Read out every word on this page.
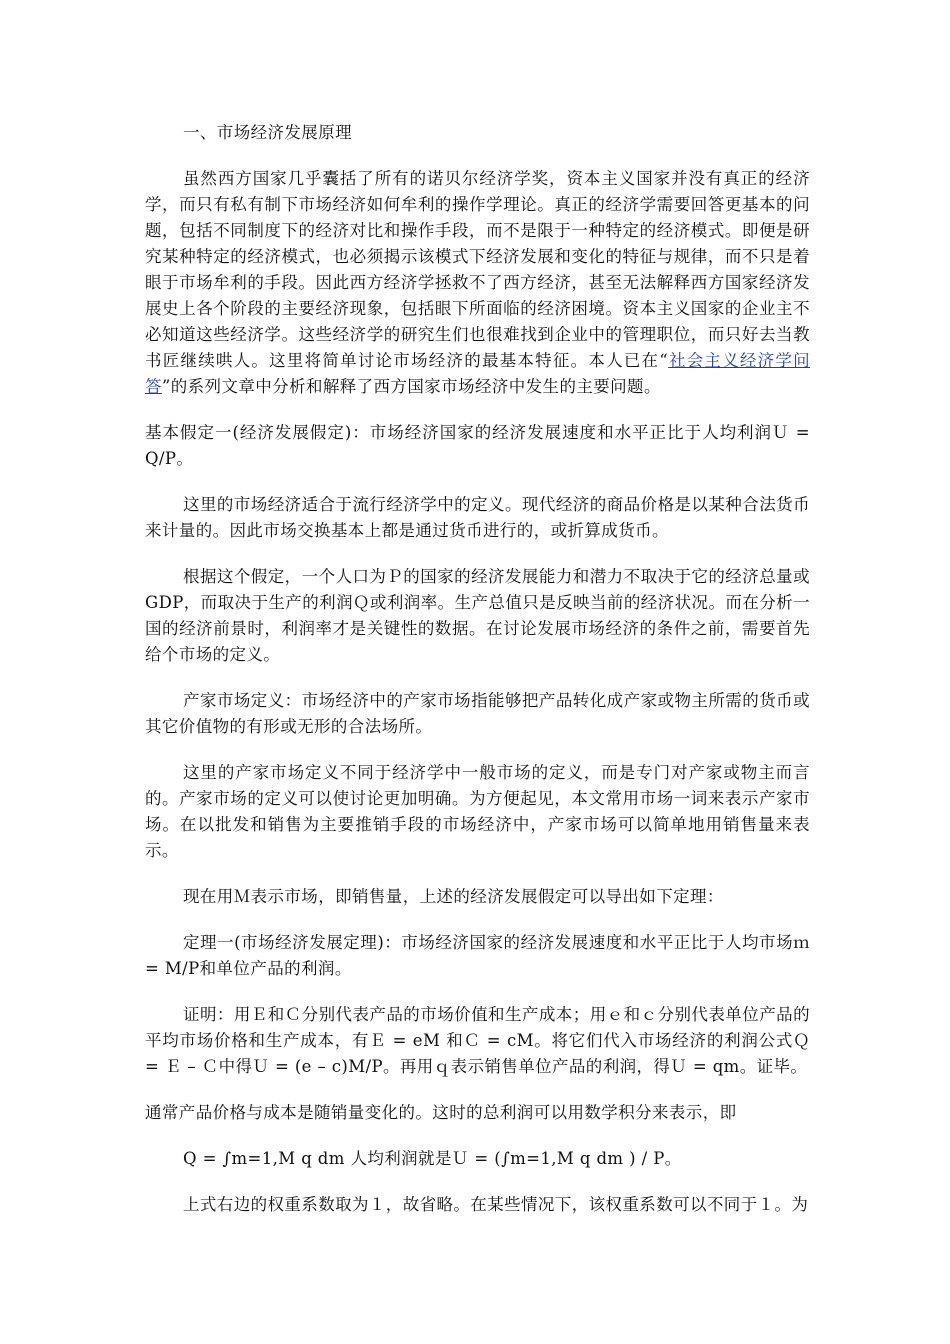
一、市场经济发展原理

虽然西方国家几乎囊括了所有的诺贝尔经济学奖，资本主义国家并没有真正的经济学，而只有私有制下市场经济如何牟利的操作学理论。真正的经济学需要回答更基本的问题，包括不同制度下的经济对比和操作手段，而不是限于一种特定的经济模式。即便是研究某种特定的经济模式，也必须揭示该模式下经济发展和变化的特征与规律，而不只是着眼于市场牟利的手段。因此西方经济学拯救不了西方经济，甚至无法解释西方国家经济发展史上各个阶段的主要经济现象，包括眼下所面临的经济困境。资本主义国家的企业主不必知道这些经济学。这些经济学的研究生们也很难找到企业中的管理职位，而只好去当教书匠继续哄人。这里将简单讨论市场经济的最基本特征。本人已在“社会主义经济学问答”的系列文章中分析和解释了西方国家市场经济中发生的主要问题。

基本假定一(经济发展假定)：市场经济国家的经济发展速度和水平正比于人均利润Ｕ = Q/P。

这里的市场经济适合于流行经济学中的定义。现代经济的商品价格是以某种合法货币来计量的。因此市场交换基本上都是通过货币进行的，或折算成货币。

根据这个假定，一个人口为Ｐ的国家的经济发展能力和潜力不取决于它的经济总量或GDP，而取决于生产的利润Ｑ或利润率。生产总值只是反映当前的经济状况。而在分析一国的经济前景时，利润率才是关键性的数据。在讨论发展市场经济的条件之前，需要首先给个市场的定义。

产家市场定义：市场经济中的产家市场指能够把产品转化成产家或物主所需的货币或其它价值物的有形或无形的合法场所。

这里的产家市场定义不同于经济学中一般市场的定义，而是专门对产家或物主而言的。产家市场的定义可以使讨论更加明确。为方便起见，本文常用市场一词来表示产家市场。在以批发和销售为主要推销手段的市场经济中，产家市场可以简单地用销售量来表示。

现在用Ｍ表示市场，即销售量，上述的经济发展假定可以导出如下定理：

定理一(市场经济发展定理)：市场经济国家的经济发展速度和水平正比于人均市场ｍ = M/P和单位产品的利润。

证明：用Ｅ和Ｃ分别代表产品的市场价值和生产成本；用ｅ和ｃ分别代表单位产品的平均市场价格和生产成本，有Ｅ = eM 和Ｃ = cM。将它们代入市场经济的利润公式Ｑ = Ｅ – Ｃ中得Ｕ = (e – c)M/P。再用ｑ表示销售单位产品的利润，得Ｕ = qm。证毕。

通常产品价格与成本是随销量变化的。这时的总利润可以用数学积分来表示，即

Q = ∫m=1,M q dm 人均利润就是Ｕ = (∫m=1,M q dm ) / P。

上式右边的权重系数取为１，故省略。在某些情况下，该权重系数可以不同于１。为
